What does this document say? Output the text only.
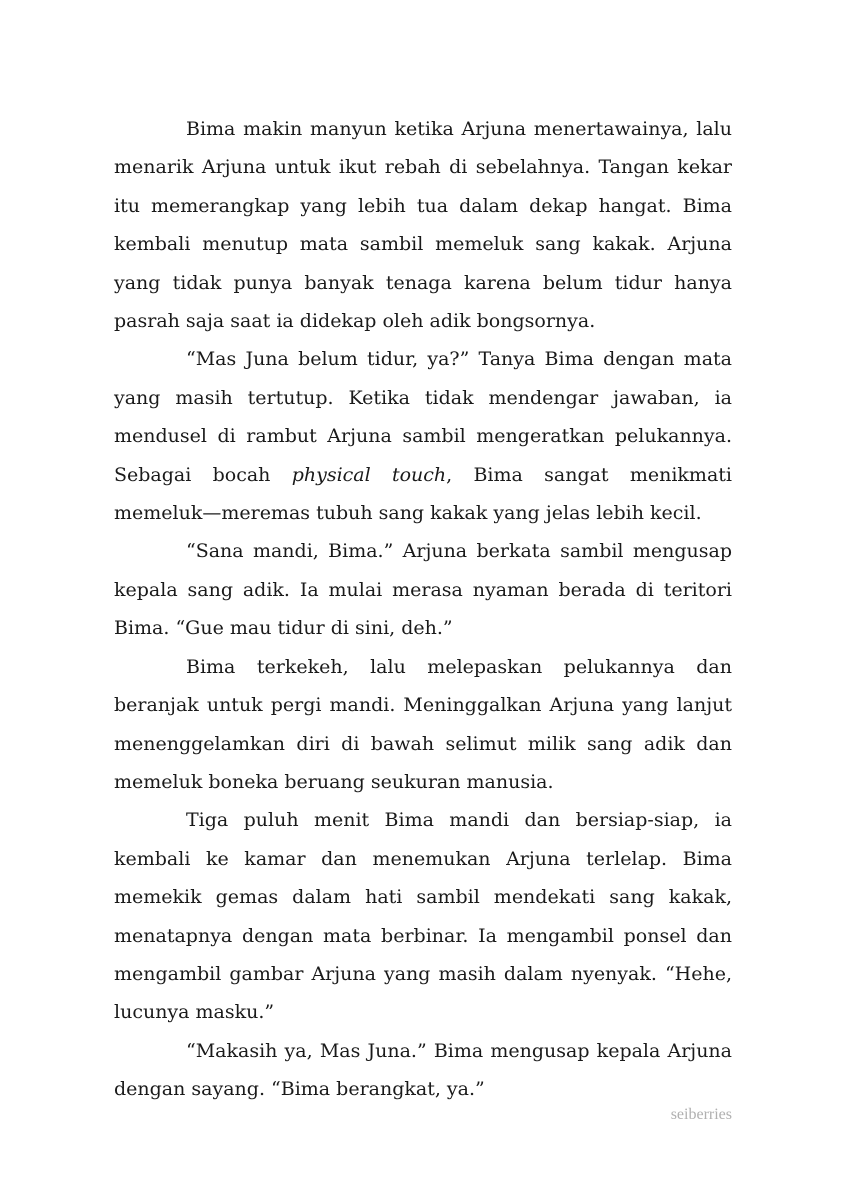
Bima makin manyun ketika Arjuna menertawainya, lalu menarik Arjuna untuk ikut rebah di sebelahnya. Tangan kekar itu memerangkap yang lebih tua dalam dekap hangat. Bima kembali menutup mata sambil memeluk sang kakak. Arjuna yang tidak punya banyak tenaga karena belum tidur hanya pasrah saja saat ia didekap oleh adik bongsornya.

“Mas Juna belum tidur, ya?” Tanya Bima dengan mata yang masih tertutup. Ketika tidak mendengar jawaban, ia mendusel di rambut Arjuna sambil mengeratkan pelukannya. Sebagai bocah physical touch, Bima sangat menikmati memeluk—meremas tubuh sang kakak yang jelas lebih kecil.

“Sana mandi, Bima.” Arjuna berkata sambil mengusap kepala sang adik. Ia mulai merasa nyaman berada di teritori Bima. “Gue mau tidur di sini, deh.”

Bima terkekeh, lalu melepaskan pelukannya dan beranjak untuk pergi mandi. Meninggalkan Arjuna yang lanjut menenggelamkan diri di bawah selimut milik sang adik dan memeluk boneka beruang seukuran manusia.

Tiga puluh menit Bima mandi dan bersiap-siap, ia kembali ke kamar dan menemukan Arjuna terlelap. Bima memekik gemas dalam hati sambil mendekati sang kakak, menatapnya dengan mata berbinar. Ia mengambil ponsel dan mengambil gambar Arjuna yang masih dalam nyenyak. “Hehe, lucunya masku.”

“Makasih ya, Mas Juna.” Bima mengusap kepala Arjuna dengan sayang. “Bima berangkat, ya.”

seiberries
